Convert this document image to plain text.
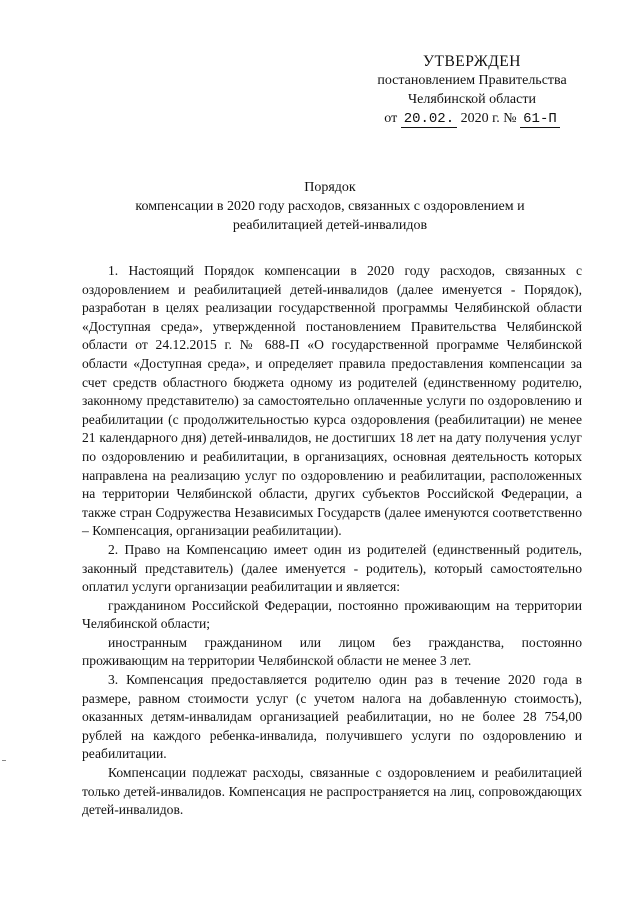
УТВЕРЖДЕН
постановлением Правительства
Челябинской области
от 20.02. 2020 г. № 61-П
Порядок
компенсации в 2020 году расходов, связанных с оздоровлением и
реабилитацией детей-инвалидов

1. Настоящий Порядок компенсации в 2020 году расходов, связанных с оздоровлением и реабилитацией детей-инвалидов (далее именуется - Порядок), разработан в целях реализации государственной программы Челябинской области «Доступная среда», утвержденной постановлением Правительства Челябинской области от 24.12.2015 г. № 688-П «О государственной программе Челябинской области «Доступная среда», и определяет правила предоставления компенсации за счет средств областного бюджета одному из родителей (единственному родителю, законному представителю) за самостоятельно оплаченные услуги по оздоровлению и реабилитации (с продолжительностью курса оздоровления (реабилитации) не менее 21 календарного дня) детей-инвалидов, не достигших 18 лет на дату получения услуг по оздоровлению и реабилитации, в организациях, основная деятельность которых направлена на реализацию услуг по оздоровлению и реабилитации, расположенных на территории Челябинской области, других субъектов Российской Федерации, а также стран Содружества Независимых Государств (далее именуются соответственно – Компенсация, организации реабилитации).

2. Право на Компенсацию имеет один из родителей (единственный родитель, законный представитель) (далее именуется - родитель), который самостоятельно оплатил услуги организации реабилитации и является:

гражданином Российской Федерации, постоянно проживающим на территории Челябинской области;

иностранным гражданином или лицом без гражданства, постоянно проживающим на территории Челябинской области не менее 3 лет.

3. Компенсация предоставляется родителю один раз в течение 2020 года в размере, равном стоимости услуг (с учетом налога на добавленную стоимость), оказанных детям-инвалидам организацией реабилитации, но не более 28 754,00 рублей на каждого ребенка-инвалида, получившего услуги по оздоровлению и реабилитации.

Компенсации подлежат расходы, связанные с оздоровлением и реабилитацией только детей-инвалидов. Компенсация не распространяется на лиц, сопровождающих детей-инвалидов.
